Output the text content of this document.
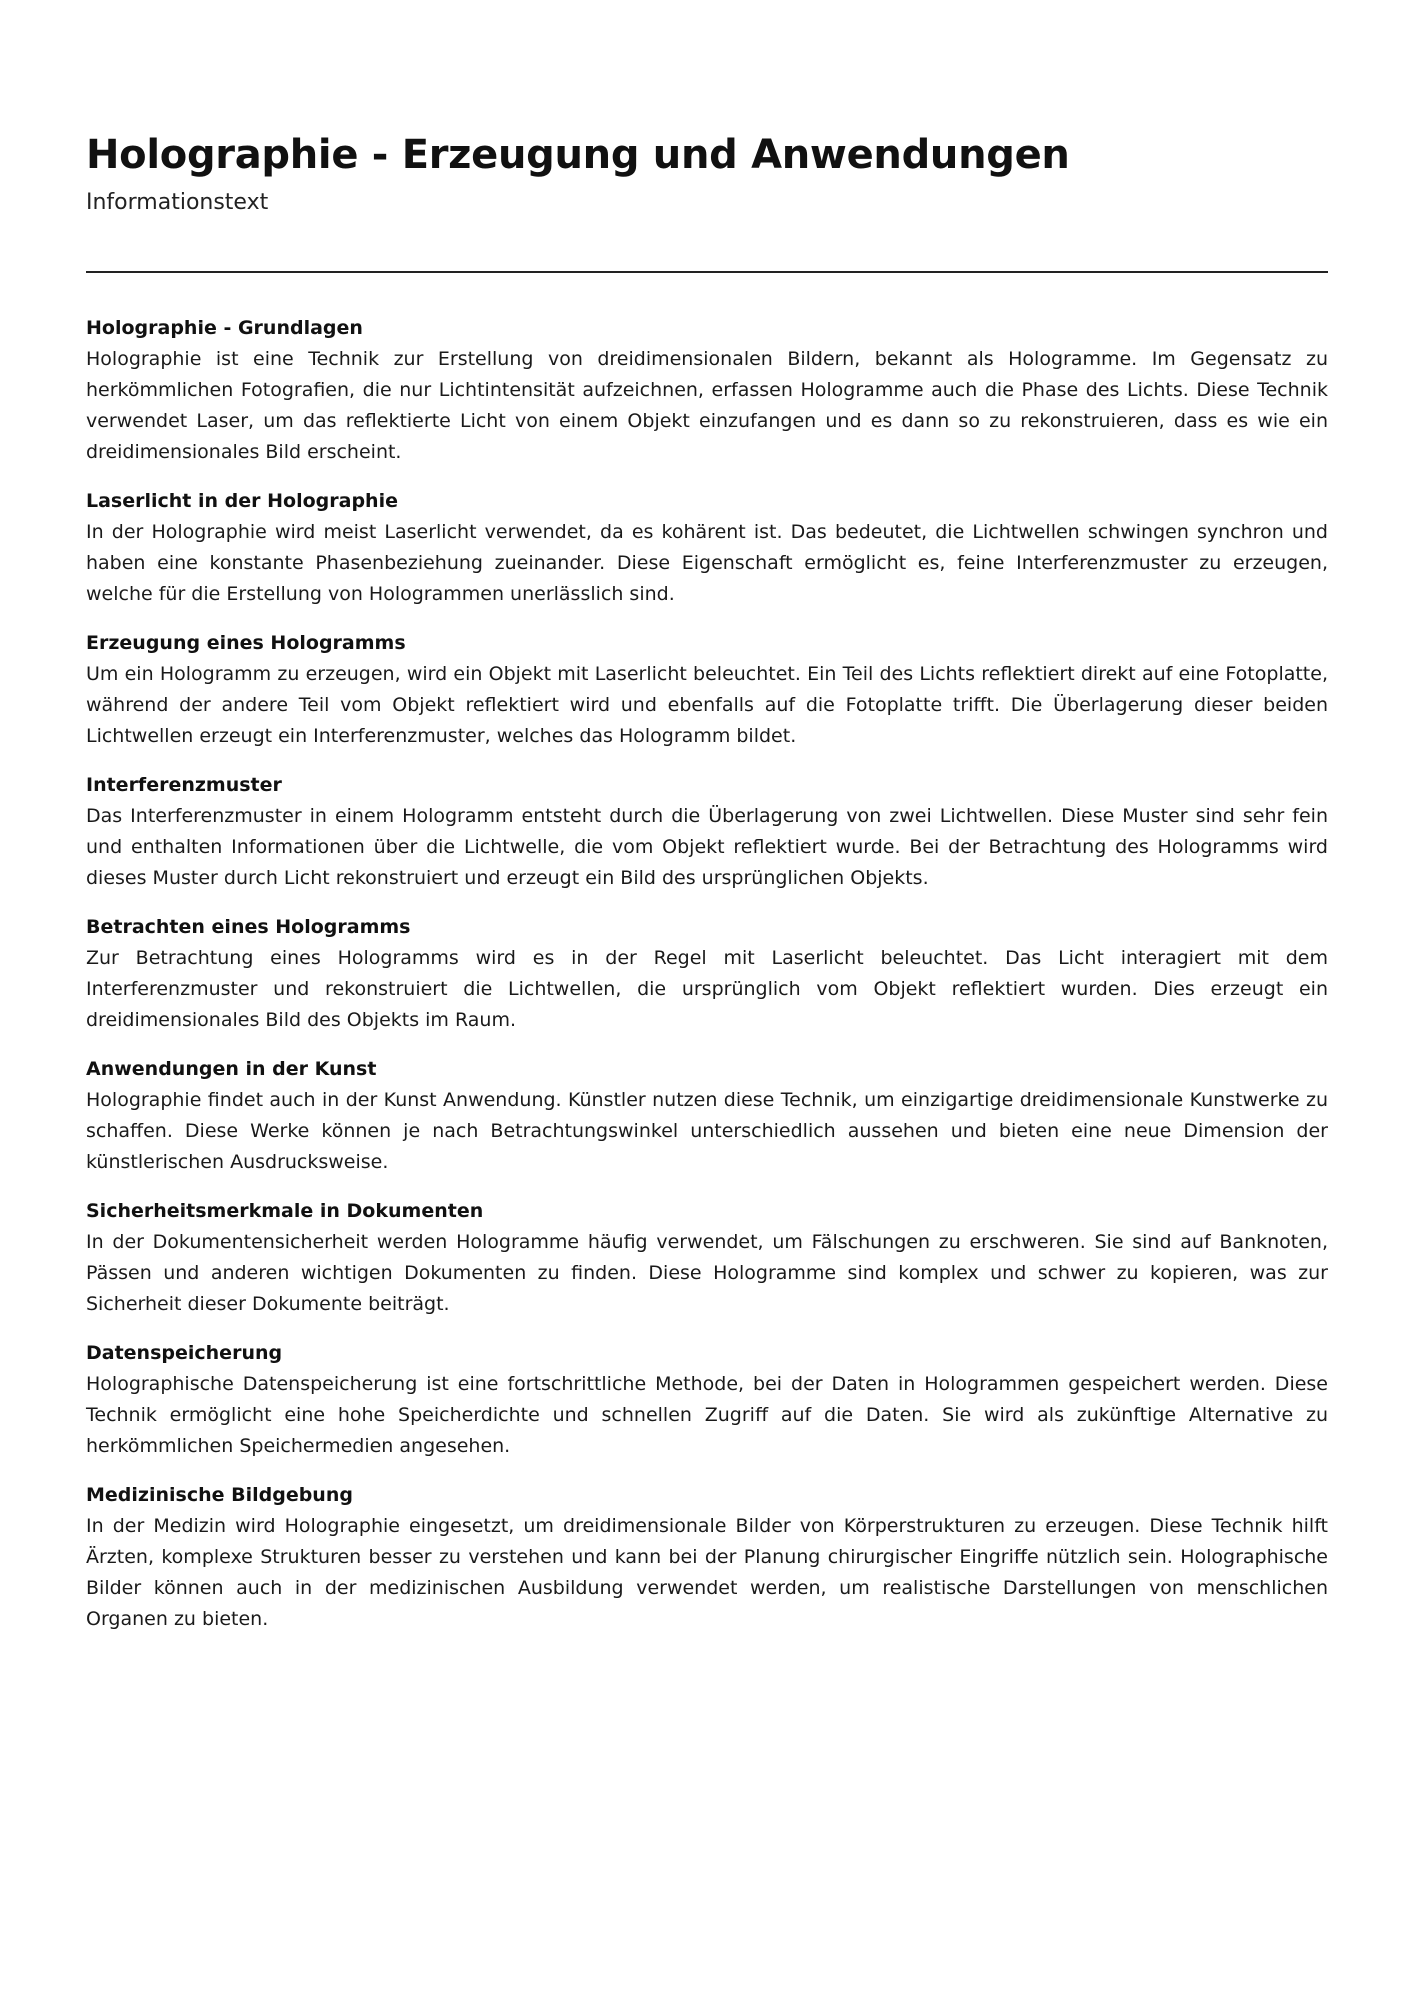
Holographie - Erzeugung und Anwendungen
Informationstext
Holographie - Grundlagen

Holographie ist eine Technik zur Erstellung von dreidimensionalen Bildern, bekannt als Hologramme. Im Gegensatz zu herkömmlichen Fotografien, die nur Lichtintensität aufzeichnen, erfassen Hologramme auch die Phase des Lichts. Diese Technik verwendet Laser, um das reflektierte Licht von einem Objekt einzufangen und es dann so zu rekonstruieren, dass es wie ein dreidimensionales Bild erscheint.

Laserlicht in der Holographie

In der Holographie wird meist Laserlicht verwendet, da es kohärent ist. Das bedeutet, die Lichtwellen schwingen synchron und haben eine konstante Phasenbeziehung zueinander. Diese Eigenschaft ermöglicht es, feine Interferenzmuster zu erzeugen, welche für die Erstellung von Hologrammen unerlässlich sind.

Erzeugung eines Hologramms

Um ein Hologramm zu erzeugen, wird ein Objekt mit Laserlicht beleuchtet. Ein Teil des Lichts reflektiert direkt auf eine Fotoplatte, während der andere Teil vom Objekt reflektiert wird und ebenfalls auf die Fotoplatte trifft. Die Überlagerung dieser beiden Lichtwellen erzeugt ein Interferenzmuster, welches das Hologramm bildet.

Interferenzmuster

Das Interferenzmuster in einem Hologramm entsteht durch die Überlagerung von zwei Lichtwellen. Diese Muster sind sehr fein und enthalten Informationen über die Lichtwelle, die vom Objekt reflektiert wurde. Bei der Betrachtung des Hologramms wird dieses Muster durch Licht rekonstruiert und erzeugt ein Bild des ursprünglichen Objekts.

Betrachten eines Hologramms

Zur Betrachtung eines Hologramms wird es in der Regel mit Laserlicht beleuchtet. Das Licht interagiert mit dem Interferenzmuster und rekonstruiert die Lichtwellen, die ursprünglich vom Objekt reflektiert wurden. Dies erzeugt ein dreidimensionales Bild des Objekts im Raum.

Anwendungen in der Kunst

Holographie findet auch in der Kunst Anwendung. Künstler nutzen diese Technik, um einzigartige dreidimensionale Kunstwerke zu schaffen. Diese Werke können je nach Betrachtungswinkel unterschiedlich aussehen und bieten eine neue Dimension der künstlerischen Ausdrucksweise.

Sicherheitsmerkmale in Dokumenten

In der Dokumentensicherheit werden Hologramme häufig verwendet, um Fälschungen zu erschweren. Sie sind auf Banknoten, Pässen und anderen wichtigen Dokumenten zu finden. Diese Hologramme sind komplex und schwer zu kopieren, was zur Sicherheit dieser Dokumente beiträgt.

Datenspeicherung

Holographische Datenspeicherung ist eine fortschrittliche Methode, bei der Daten in Hologrammen gespeichert werden. Diese Technik ermöglicht eine hohe Speicherdichte und schnellen Zugriff auf die Daten. Sie wird als zukünftige Alternative zu herkömmlichen Speichermedien angesehen.

Medizinische Bildgebung

In der Medizin wird Holographie eingesetzt, um dreidimensionale Bilder von Körperstrukturen zu erzeugen. Diese Technik hilft Ärzten, komplexe Strukturen besser zu verstehen und kann bei der Planung chirurgischer Eingriffe nützlich sein. Holographische Bilder können auch in der medizinischen Ausbildung verwendet werden, um realistische Darstellungen von menschlichen Organen zu bieten.
